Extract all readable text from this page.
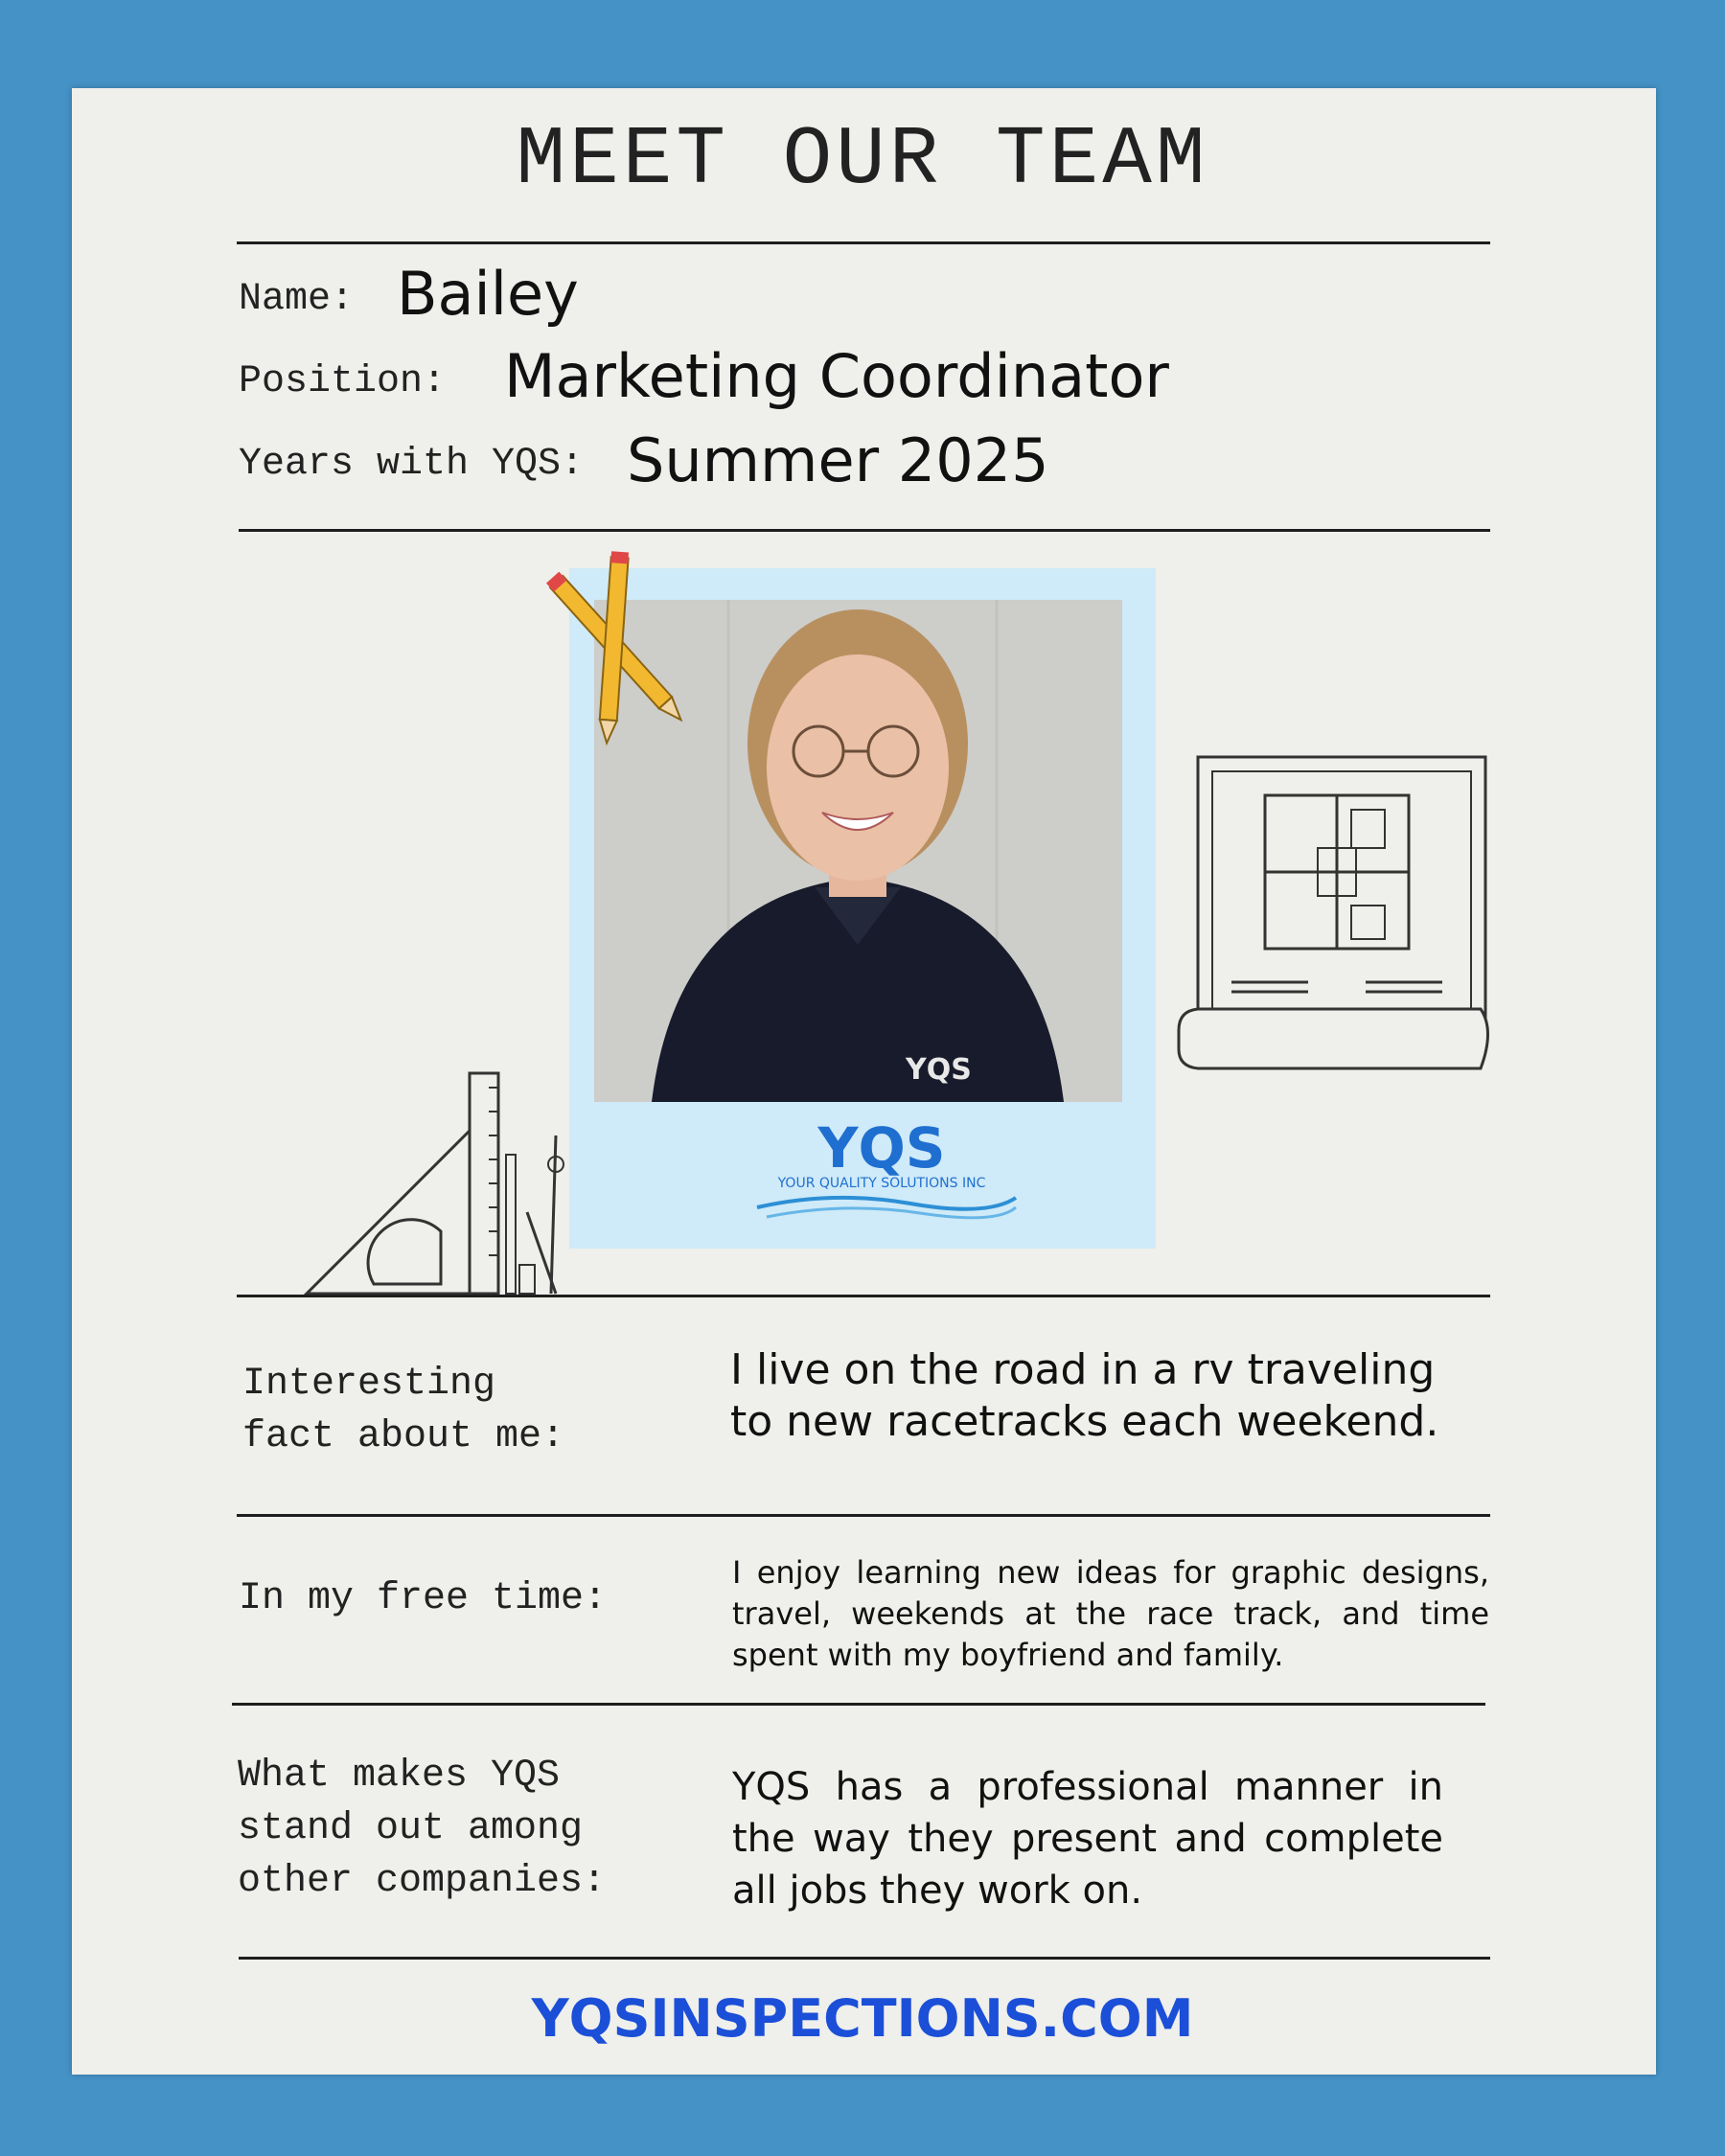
MEET OUR TEAM
Name: Bailey
Position: Marketing Coordinator
Years with YQS: Summer 2025
YQS
YQS
YOUR QUALITY SOLUTIONS INC
Interesting
fact about me:
I live on the road in a rv traveling
to new racetracks each weekend.
In my free time:
I enjoy learning new ideas for graphic designs, travel, weekends at the race track, and time spent with my boyfriend and family.
What makes YQS
stand out among
other companies:
YQS has a professional manner in the way they present and complete all jobs they work on.
YQSINSPECTIONS.COM
